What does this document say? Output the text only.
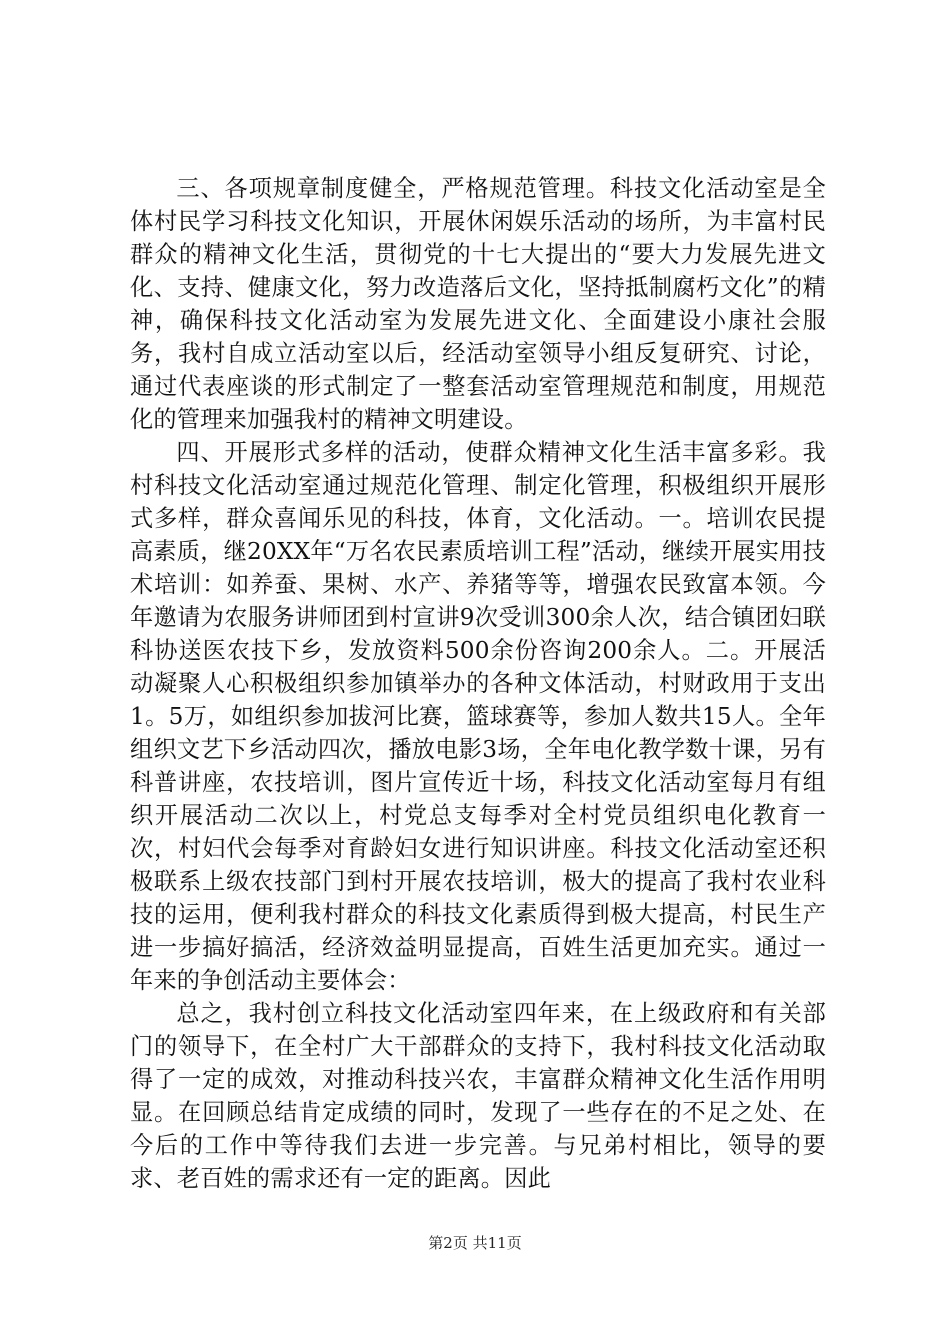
三、各项规章制度健全，严格规范管理。科技文化活动室是全体村民学习科技文化知识，开展休闲娱乐活动的场所，为丰富村民群众的精神文化生活，贯彻党的十七大提出的“要大力发展先进文化、支持、健康文化，努力改造落后文化，坚持抵制腐朽文化”的精神，确保科技文化活动室为发展先进文化、全面建设小康社会服务，我村自成立活动室以后，经活动室领导小组反复研究、讨论，通过代表座谈的形式制定了一整套活动室管理规范和制度，用规范化的管理来加强我村的精神文明建设。

四、开展形式多样的活动，使群众精神文化生活丰富多彩。我村科技文化活动室通过规范化管理、制定化管理，积极组织开展形式多样，群众喜闻乐见的科技，体育，文化活动。一。培训农民提高素质，继20XX年“万名农民素质培训工程”活动，继续开展实用技术培训：如养蚕、果树、水产、养猪等等，增强农民致富本领。今年邀请为农服务讲师团到村宣讲9次受训300余人次，结合镇团妇联科协送医农技下乡，发放资料500余份咨询200余人。二。开展活动凝聚人心积极组织参加镇举办的各种文体活动，村财政用于支出1。5万，如组织参加拔河比赛，篮球赛等，参加人数共15人。全年组织文艺下乡活动四次，播放电影3场，全年电化教学数十课，另有科普讲座，农技培训，图片宣传近十场，科技文化活动室每月有组织开展活动二次以上，村党总支每季对全村党员组织电化教育一次，村妇代会每季对育龄妇女进行知识讲座。科技文化活动室还积极联系上级农技部门到村开展农技培训，极大的提高了我村农业科技的运用，便利我村群众的科技文化素质得到极大提高，村民生产进一步搞好搞活，经济效益明显提高，百姓生活更加充实。通过一年来的争创活动主要体会：

总之，我村创立科技文化活动室四年来，在上级政府和有关部门的领导下，在全村广大干部群众的支持下，我村科技文化活动取得了一定的成效，对推动科技兴农，丰富群众精神文化生活作用明显。在回顾总结肯定成绩的同时，发现了一些存在的不足之处、在今后的工作中等待我们去进一步完善。与兄弟村相比，领导的要求、老百姓的需求还有一定的距离。因此

第2页 共11页
